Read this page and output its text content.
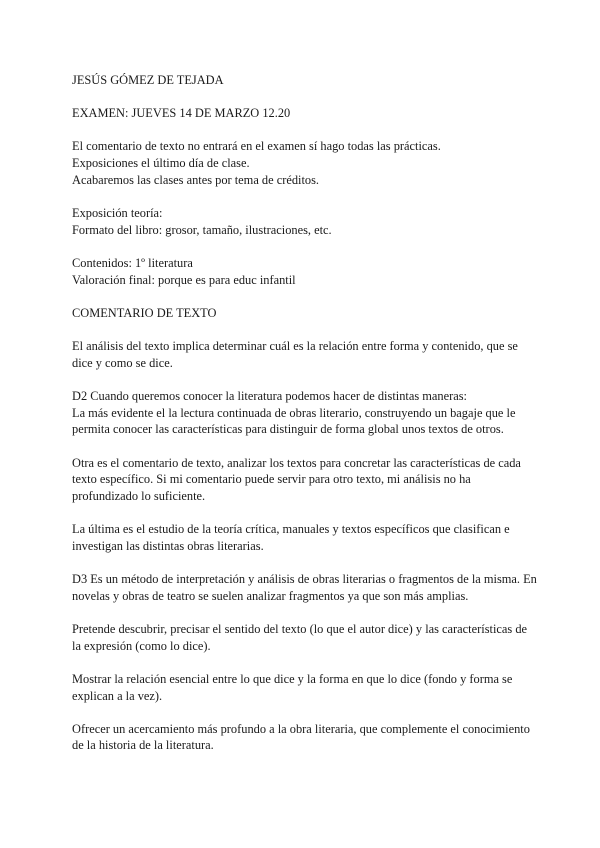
JESÚS GÓMEZ DE TEJADA

EXAMEN: JUEVES 14 DE MARZO 12.20

El comentario de texto no entrará en el examen sí hago todas las prácticas.
Exposiciones el último día de clase.
Acabaremos las clases antes por tema de créditos.

Exposición teoría:
Formato del libro: grosor, tamaño, ilustraciones, etc.

Contenidos: 1º literatura
Valoración final: porque es para educ infantil

COMENTARIO DE TEXTO

El análisis del texto implica determinar cuál es la relación entre forma y contenido, que se
dice y como se dice.

D2 Cuando queremos conocer la literatura podemos hacer de distintas maneras:
La más evidente el la lectura continuada de obras literario, construyendo un bagaje que le
permita conocer las características para distinguir de forma global unos textos de otros.

Otra es el comentario de texto, analizar los textos para concretar las características de cada
texto específico. Si mi comentario puede servir para otro texto, mi análisis no ha
profundizado lo suficiente.

La última es el estudio de la teoría crítica, manuales y textos específicos que clasifican e
investigan las distintas obras literarias.

D3 Es un método de interpretación y análisis de obras literarias o fragmentos de la misma. En
novelas y obras de teatro se suelen analizar fragmentos ya que son más amplias.

Pretende descubrir, precisar el sentido del texto (lo que el autor dice) y las características de
la expresión (como lo dice).

Mostrar la relación esencial entre lo que dice y la forma en que lo dice (fondo y forma se
explican a la vez).

Ofrecer un acercamiento más profundo a la obra literaria, que complemente el conocimiento
de la historia de la literatura.
